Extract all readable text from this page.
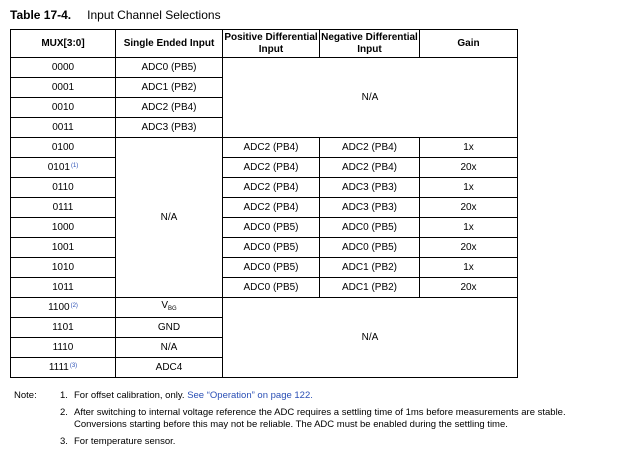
Table 17-4. Input Channel Selections
MUX[3:0]	Single Ended Input	Positive Differential Input	Negative Differential Input	Gain
0000	ADC0 (PB5)	N/A		
0001	ADC1 (PB2)			
0010	ADC2 (PB4)			
0011	ADC3 (PB3)			
0100	N/A	ADC2 (PB4)	ADC2 (PB4)	1x
0101$^{(1)}$		ADC2 (PB4)	ADC2 (PB4)	20x
0110		ADC2 (PB4)	ADC3 (PB3)	1x
0111		ADC2 (PB4)	ADC3 (PB3)	20x
1000		ADC0 (PB5)	ADC0 (PB5)	1x
1001		ADC0 (PB5)	ADC0 (PB5)	20x
1010		ADC0 (PB5)	ADC1 (PB2)	1x
1011		ADC0 (PB5)	ADC1 (PB2)	20x
1100$^{(2)}$	$V_{BG}$	N/A		
1101	GND			
1110	N/A			
1111$^{(3)}$	ADC4			
Note: 1. For offset calibration, only. See “Operation” on page 122.
2. After switching to internal voltage reference the ADC requires a settling time of 1ms before measurements are stable. Conversions starting before this may not be reliable. The ADC must be enabled during the settling time.
3. For temperature sensor.
